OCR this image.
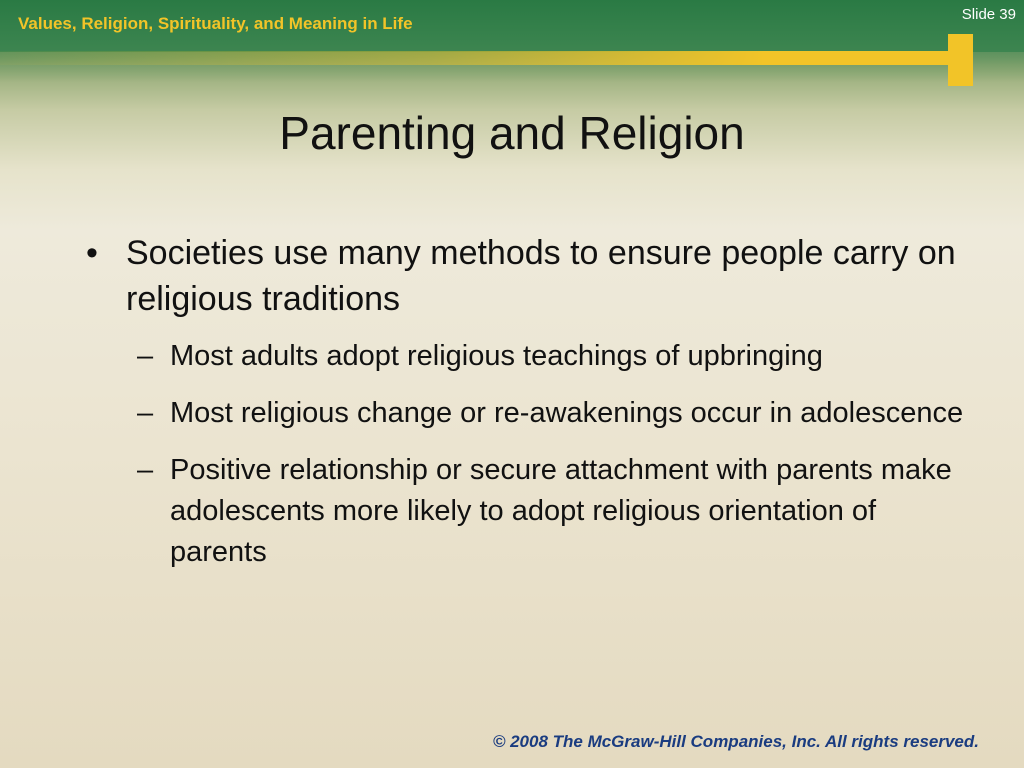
Values, Religion, Spirituality, and Meaning in Life	Slide 39
Parenting and Religion
• Societies use many methods to ensure people carry on religious traditions
– Most adults adopt religious teachings of upbringing
– Most religious change or re-awakenings occur in adolescence
– Positive relationship or secure attachment with parents make adolescents more likely to adopt religious orientation of parents
© 2008 The McGraw-Hill Companies, Inc. All rights reserved.
